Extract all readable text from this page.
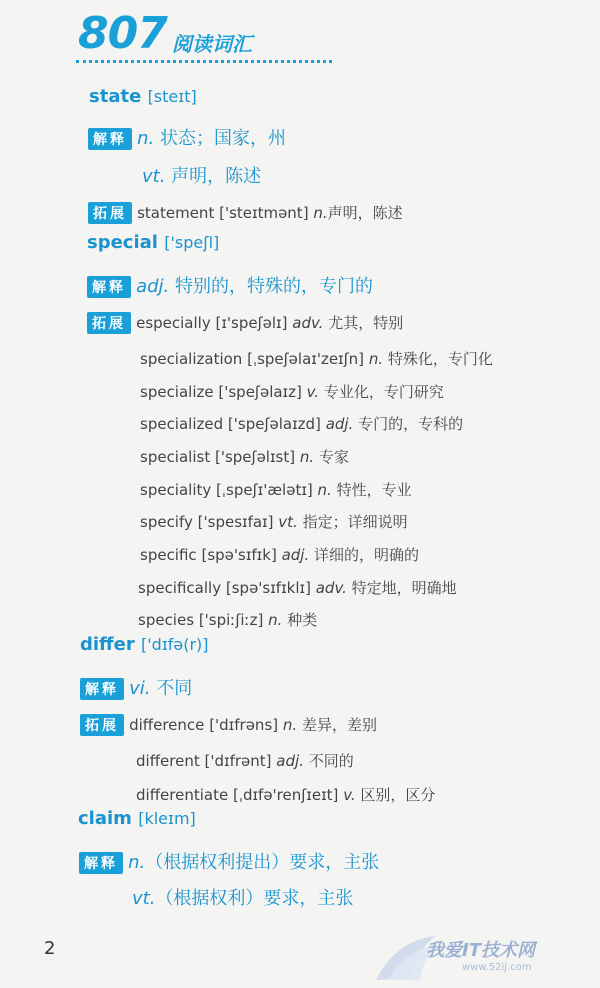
807 阅读词汇
state [steɪt]
解释 n. 状态；国家，州
vt. 声明，陈述
拓展 statement ['steɪtmənt] n.声明，陈述
special ['speʃl]
解释 adj. 特别的，特殊的，专门的
拓展 especially [ɪ'speʃəlɪ] adv. 尤其，特别
specialization [ˌspeʃəlaɪ'zeɪʃn] n. 特殊化，专门化
specialize ['speʃəlaɪz] v. 专业化，专门研究
specialized ['speʃəlaɪzd] adj. 专门的，专科的
specialist ['speʃəlɪst] n. 专家
speciality [ˌspeʃɪ'ælətɪ] n. 特性，专业
specify ['spesɪfaɪ] vt. 指定；详细说明
specific [spə'sɪfɪk] adj. 详细的，明确的
specifically [spə'sɪfɪklɪ] adv. 特定地，明确地
species ['spiːʃiːz] n. 种类
differ ['dɪfə(r)]
解释 vi. 不同
拓展 difference ['dɪfrəns] n. 差异，差别
different ['dɪfrənt] adj. 不同的
differentiate [ˌdɪfə'renʃɪeɪt] v. 区别，区分
claim [kleɪm]
解释 n.（根据权利提出）要求，主张
vt.（根据权利）要求，主张
2	我爱IT技术网
www.52ij.com
